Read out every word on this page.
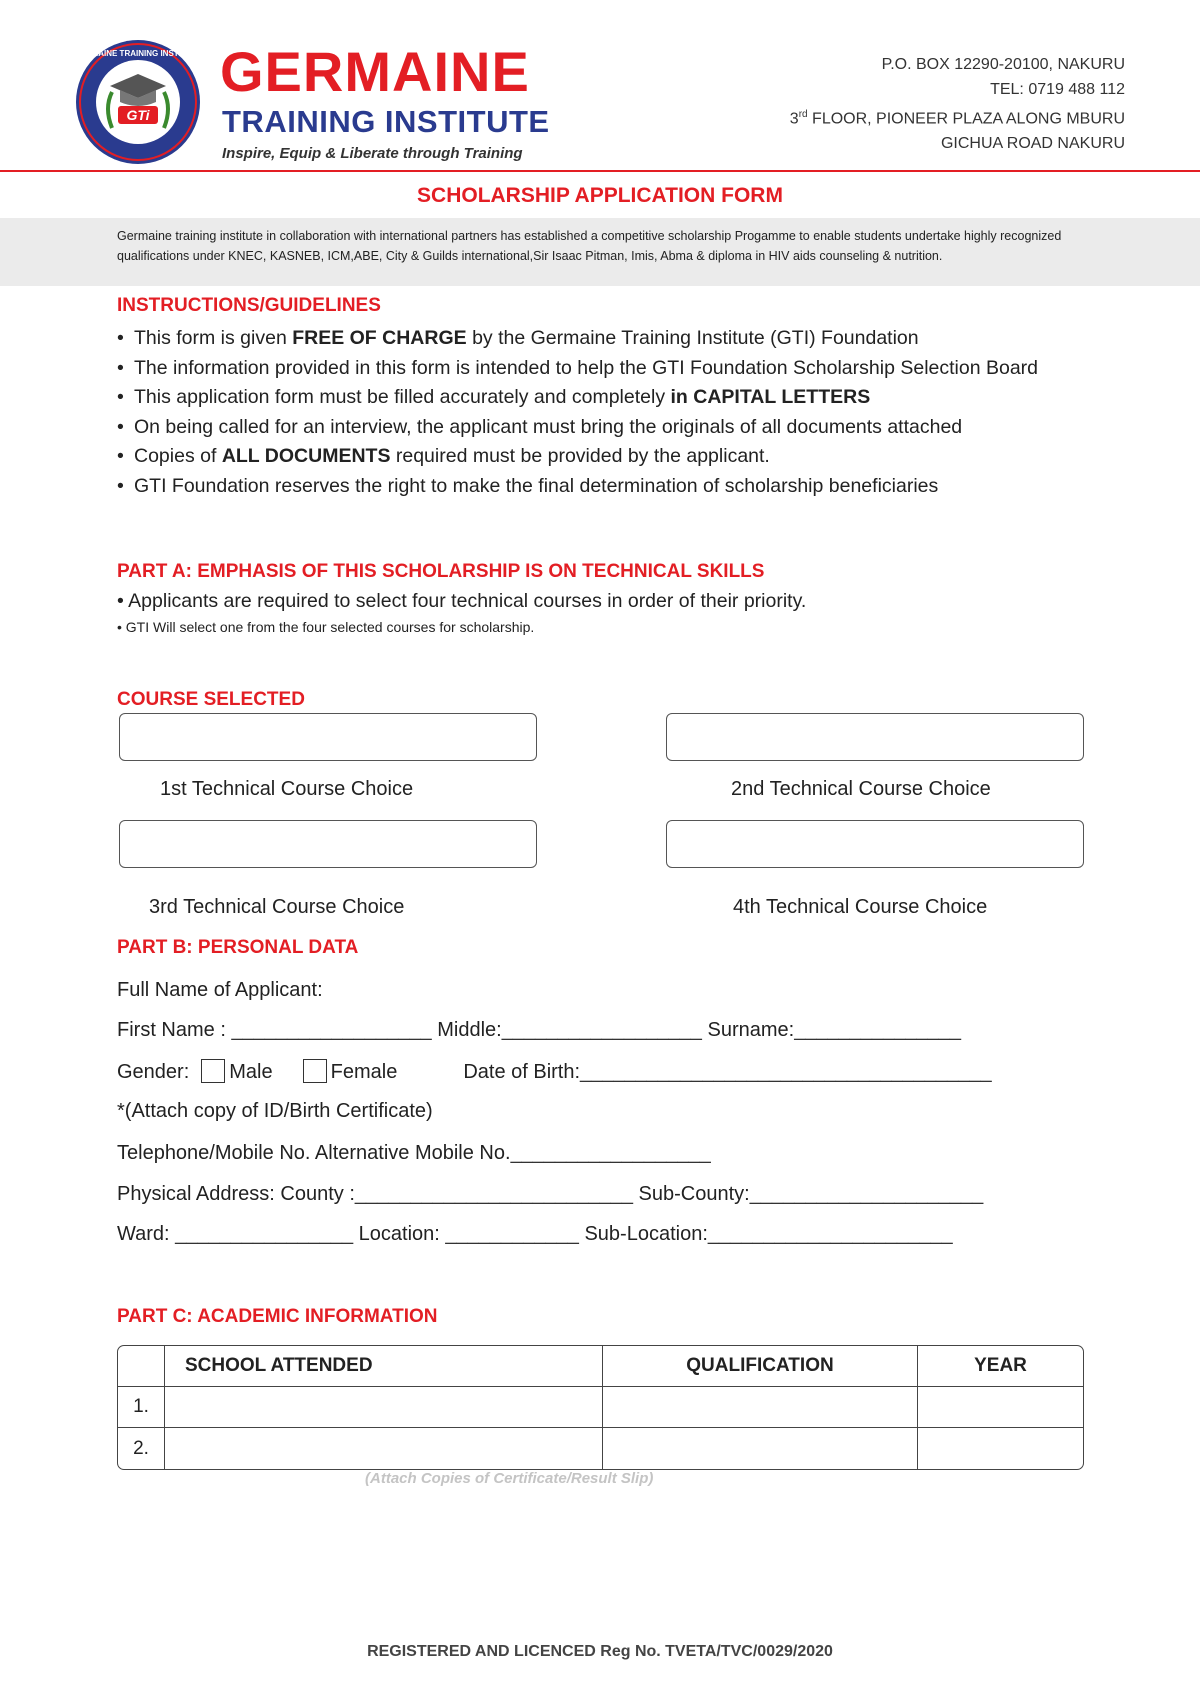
GTi
GERMAINE TRAINING INSTITUTE GERMAINE
TRAINING INSTITUTE
Inspire, Equip & Liberate through Training
P.O. BOX 12290-20100, NAKURU
TEL: 0719 488 112
3rd FLOOR, PIONEER PLAZA ALONG MBURU
GICHUA ROAD NAKURU
SCHOLARSHIP APPLICATION FORM
Germaine training institute in collaboration with international partners has established a competitive scholarship Progamme to enable students undertake highly recognized qualifications under KNEC, KASNEB, ICM,ABE, City & Guilds international,Sir Isaac Pitman, Imis, Abma & diploma in HIV aids counseling & nutrition.
INSTRUCTIONS/GUIDELINES
• This form is given FREE OF CHARGE by the Germaine Training Institute (GTI) Foundation
• The information provided in this form is intended to help the GTI Foundation Scholarship Selection Board
• This application form must be filled accurately and completely in CAPITAL LETTERS
• On being called for an interview, the applicant must bring the originals of all documents attached
• Copies of ALL DOCUMENTS required must be provided by the applicant.
• GTI Foundation reserves the right to make the final determination of scholarship beneficiaries
PART A: EMPHASIS OF THIS SCHOLARSHIP IS ON TECHNICAL SKILLS
• Applicants are required to select four technical courses in order of their priority.
• GTI Will select one from the four selected courses for scholarship.
COURSE SELECTED
1st Technical Course Choice	2nd Technical Course Choice
3rd Technical Course Choice	4th Technical Course Choice
PART B: PERSONAL DATA
Full Name of Applicant:
First Name : __________________ Middle:__________________ Surname:_______________
Gender: Male	Female	Date of Birth:_____________________________________
*(Attach copy of ID/Birth Certificate)
Telephone/Mobile No. Alternative Mobile No.__________________
Physical Address: County :_________________________ Sub-County:_____________________
Ward: ________________ Location: ____________ Sub-Location:______________________
PART C: ACADEMIC INFORMATION
	SCHOOL ATTENDED	QUALIFICATION	YEAR
1.			
2.			
(Attach Copies of Certificate/Result Slip)
REGISTERED AND LICENCED Reg No. TVETA/TVC/0029/2020
